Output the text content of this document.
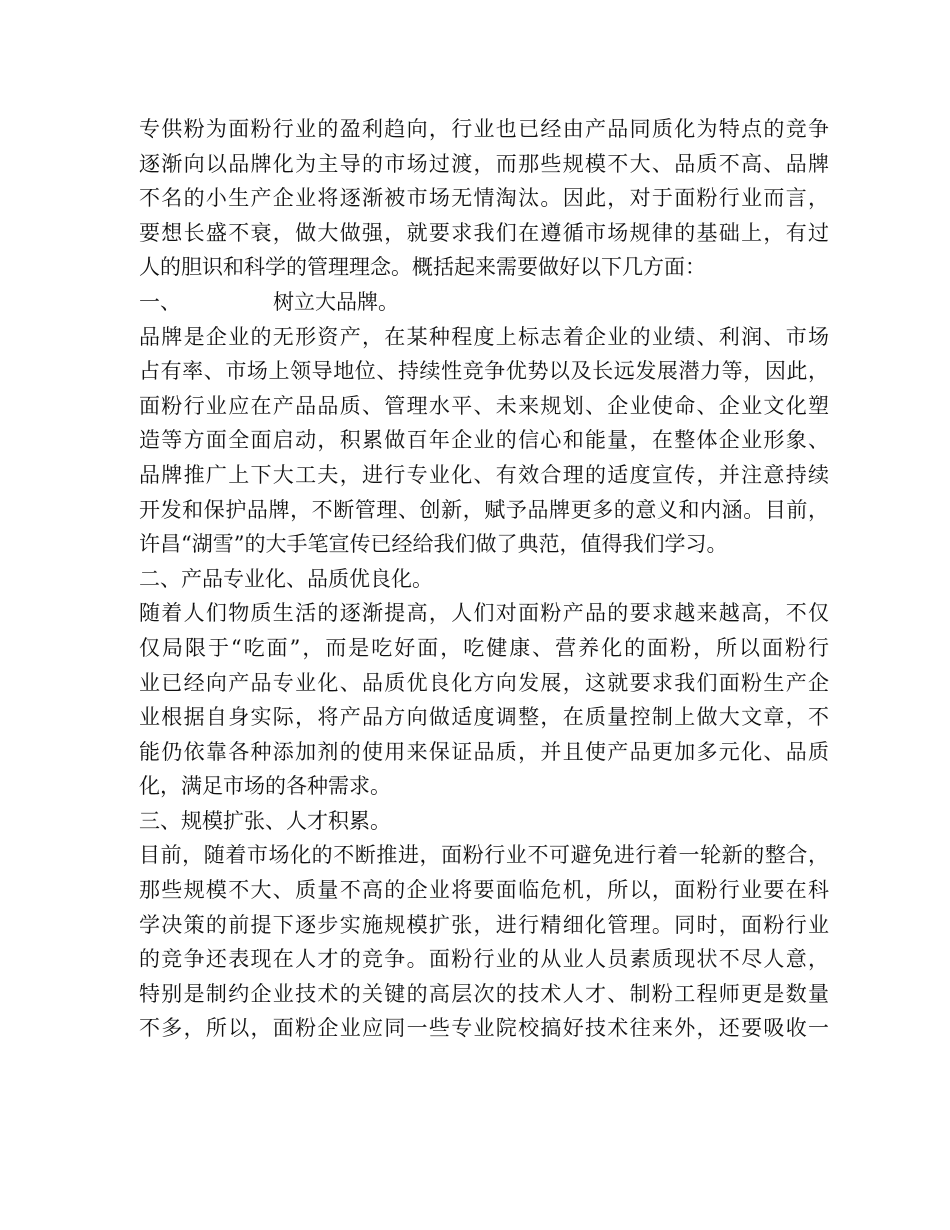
专供粉为面粉行业的盈利趋向，行业也已经由产品同质化为特点的竞争
逐渐向以品牌化为主导的市场过渡，而那些规模不大、品质不高、品牌
不名的小生产企业将逐渐被市场无情淘汰。因此，对于面粉行业而言，
要想长盛不衰，做大做强，就要求我们在遵循市场规律的基础上，有过
人的胆识和科学的管理理念。概括起来需要做好以下几方面：
一、	树立大品牌。
品牌是企业的无形资产，在某种程度上标志着企业的业绩、利润、市场
占有率、市场上领导地位、持续性竞争优势以及长远发展潜力等，因此，
面粉行业应在产品品质、管理水平、未来规划、企业使命、企业文化塑
造等方面全面启动，积累做百年企业的信心和能量，在整体企业形象、
品牌推广上下大工夫，进行专业化、有效合理的适度宣传，并注意持续
开发和保护品牌，不断管理、创新，赋予品牌更多的意义和内涵。目前，
许昌“湖雪”的大手笔宣传已经给我们做了典范，值得我们学习。
二、产品专业化、品质优良化。
随着人们物质生活的逐渐提高，人们对面粉产品的要求越来越高，不仅
仅局限于“吃面”，而是吃好面，吃健康、营养化的面粉，所以面粉行
业已经向产品专业化、品质优良化方向发展，这就要求我们面粉生产企
业根据自身实际，将产品方向做适度调整，在质量控制上做大文章，不
能仍依靠各种添加剂的使用来保证品质，并且使产品更加多元化、品质
化，满足市场的各种需求。
三、规模扩张、人才积累。
目前，随着市场化的不断推进，面粉行业不可避免进行着一轮新的整合，
那些规模不大、质量不高的企业将要面临危机，所以，面粉行业要在科
学决策的前提下逐步实施规模扩张，进行精细化管理。同时，面粉行业
的竞争还表现在人才的竞争。面粉行业的从业人员素质现状不尽人意，
特别是制约企业技术的关键的高层次的技术人才、制粉工程师更是数量
不多，所以，面粉企业应同一些专业院校搞好技术往来外，还要吸收一
